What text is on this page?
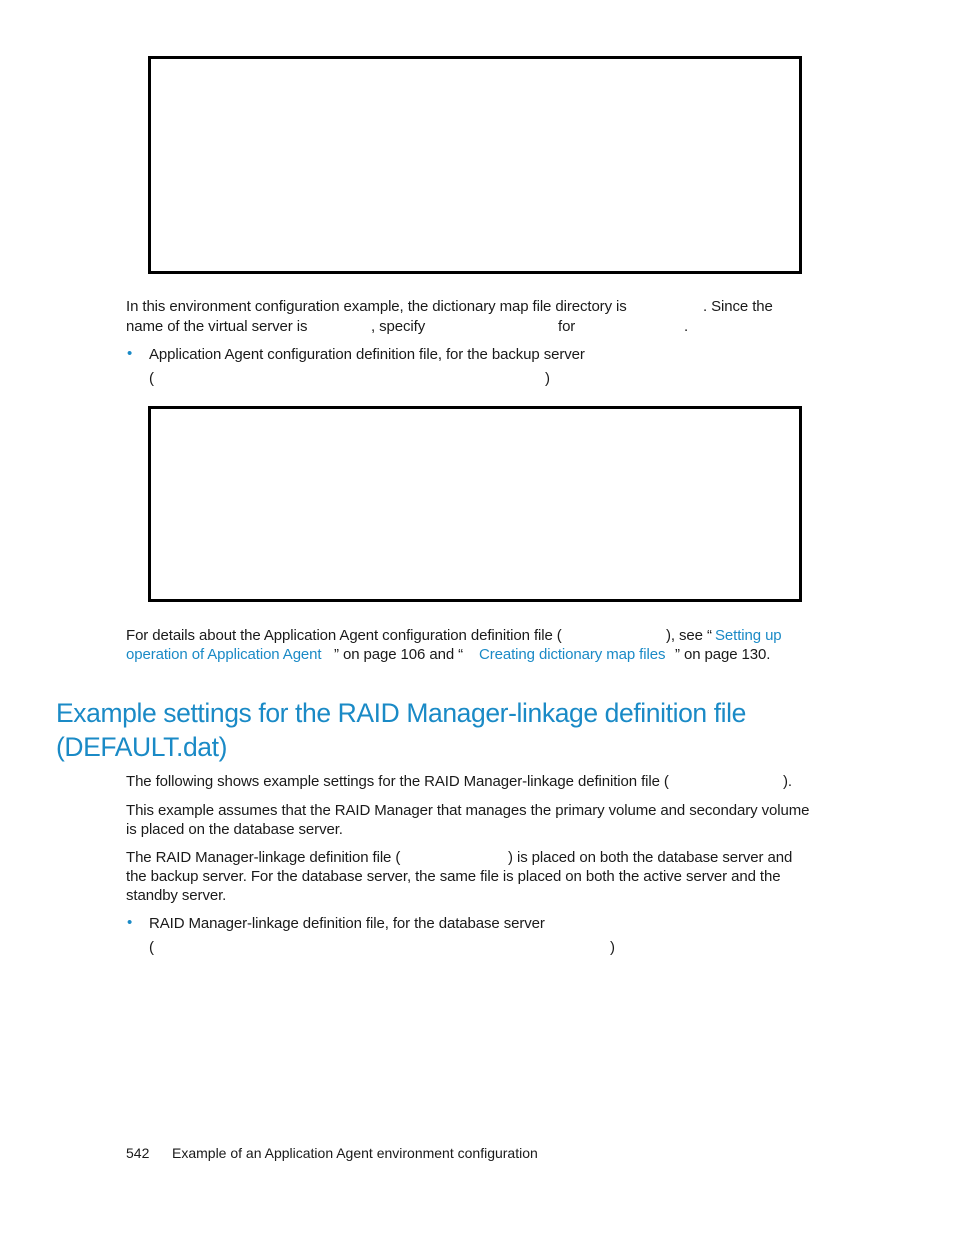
In this environment configuration example, the dictionary map file directory is	. Since the
name of the virtual server is	, specify	for	.
• Application Agent configuration definition file, for the backup server
(	)
For details about the Application Agent configuration definition file (	), see “ Setting up
operation of Application Agent ” on page 106 and “ Creating dictionary map files ” on page 130.
Example settings for the RAID Manager-linkage definition file
(DEFAULT.dat)
The following shows example settings for the RAID Manager-linkage definition file (	).
This example assumes that the RAID Manager that manages the primary volume and secondary volume
is placed on the database server.
The RAID Manager-linkage definition file (	) is placed on both the database server and
the backup server. For the database server, the same file is placed on both the active server and the
standby server.
• RAID Manager-linkage definition file, for the database server
(	)
542 Example of an Application Agent environment configuration
